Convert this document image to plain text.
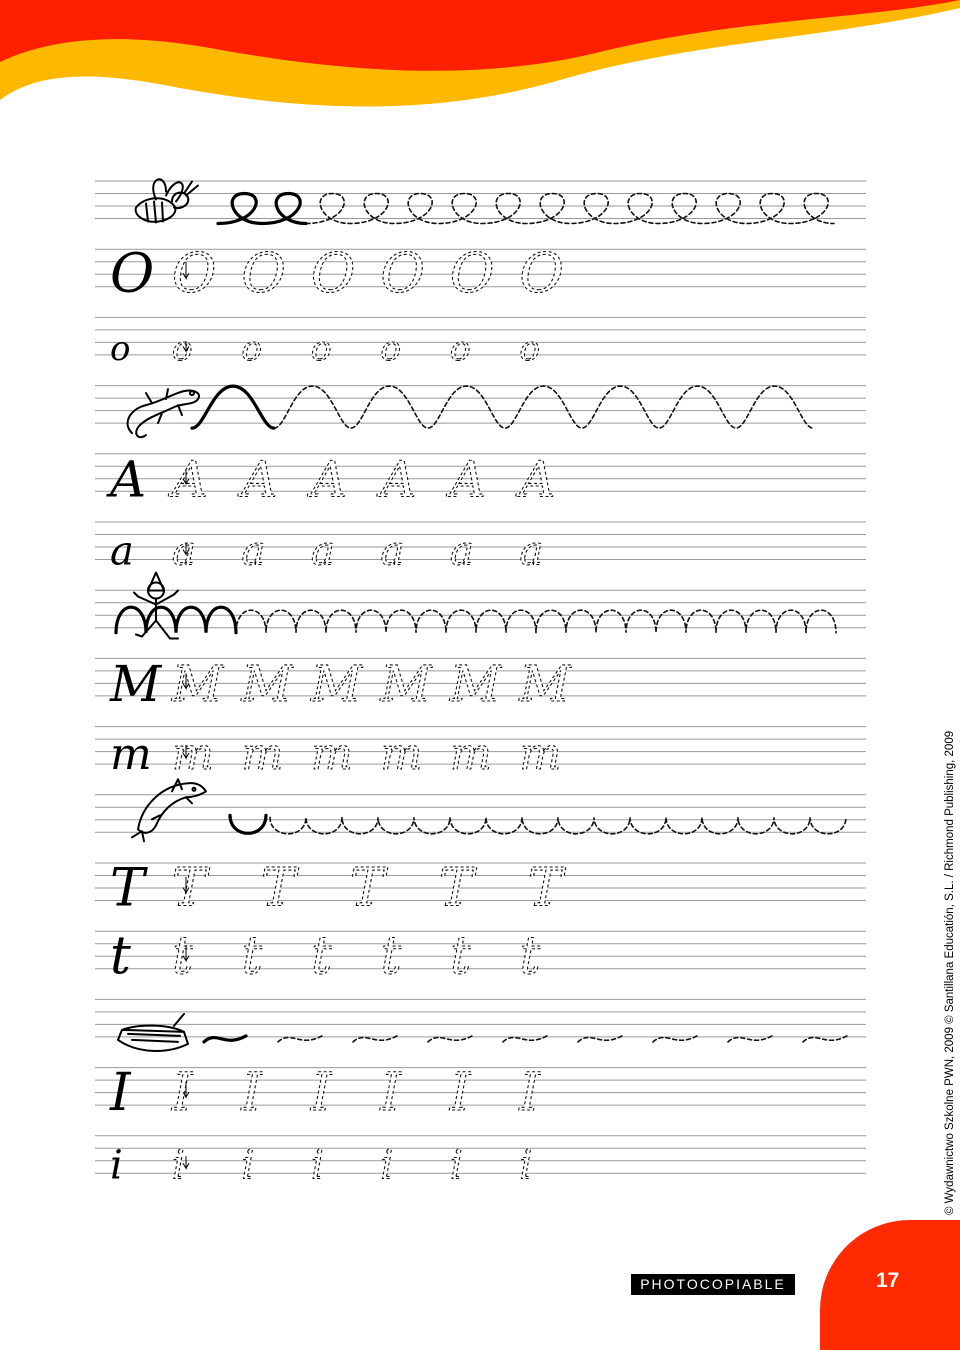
O O O O O O O
o o o o o o o
A A A A A A A
a a a a a a a
M M M M M M M
m m m m m m m
T T T T T T
t t t t t t t
I I I I I I I
i i i i i i i	© Wydawnictwo Szkolne PWN, 2009 © Santillana Educatión, S.L. / Richmond Publishing, 2009
PHOTOCOPIABLE	17
